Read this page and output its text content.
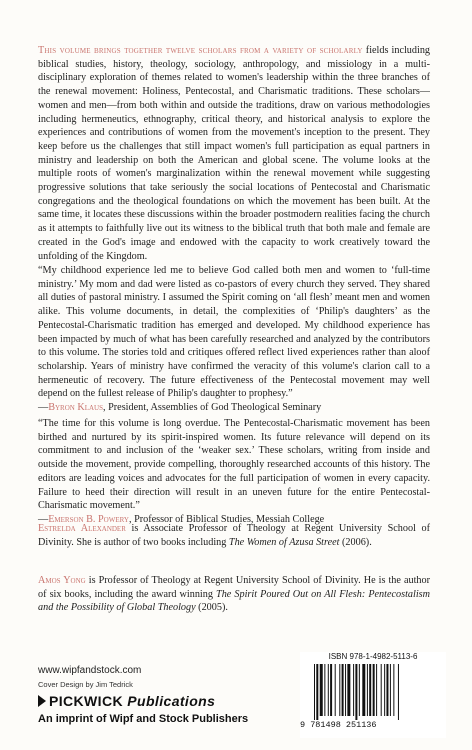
This volume brings together twelve scholars from a variety of scholarly fields including biblical studies, history, theology, sociology, anthropology, and missiology in a multi-disciplinary exploration of themes related to women's leadership within the three branches of the renewal movement: Holiness, Pentecostal, and Charismatic traditions. These scholars—women and men—from both within and outside the traditions, draw on various methodologies including hermeneutics, ethnography, critical theory, and historical analysis to explore the experiences and contributions of women from the movement's inception to the present. They keep before us the challenges that still impact women's full participation as equal partners in ministry and leadership on both the American and global scene. The volume looks at the multiple roots of women's marginalization within the renewal movement while suggesting progressive solutions that take seriously the social locations of Pentecostal and Charismatic congregations and the theological foundations on which the movement has been built. At the same time, it locates these discussions within the broader postmodern realities facing the church as it attempts to faithfully live out its witness to the biblical truth that both male and female are created in the God's image and endowed with the capacity to work creatively toward the unfolding of the Kingdom.

“My childhood experience led me to believe God called both men and women to ‘full-time ministry.’ My mom and dad were listed as co-pastors of every church they served. They shared all duties of pastoral ministry. I assumed the Spirit coming on ‘all flesh’ meant men and women alike. This volume documents, in detail, the complexities of ‘Philip's daughters’ as the Pentecostal-Charismatic tradition has emerged and developed. My childhood experience has been impacted by much of what has been carefully researched and analyzed by the contributors to this volume. The stories told and critiques offered reflect lived experiences rather than aloof scholarship. Years of ministry have confirmed the veracity of this volume's clarion call to a hermeneutic of recovery. The future effectiveness of the Pentecostal movement may well depend on the fullest release of Philip's daughter to prophesy.”

—Byron Klaus, President, Assemblies of God Theological Seminary

“The time for this volume is long overdue. The Pentecostal-Charismatic movement has been birthed and nurtured by its spirit-inspired women. Its future relevance will depend on its commitment to and inclusion of the ‘weaker sex.’ These scholars, writing from inside and outside the movement, provide compelling, thoroughly researched accounts of this history. The editors are leading voices and advocates for the full participation of women in every capacity. Failure to heed their direction will result in an uneven future for the entire Pentecostal-Charismatic movement.”

—Emerson B. Powery, Professor of Biblical Studies, Messiah College

Estrelda Alexander is Associate Professor of Theology at Regent University School of Divinity. She is author of two books including The Women of Azusa Street (2006).

Amos Yong is Professor of Theology at Regent University School of Divinity. He is the author of six books, including the award winning The Spirit Poured Out on All Flesh: Pentecostalism and the Possibility of Global Theology (2005).

www.wipfandstock.com
Cover Design by Jim Tedrick
PICKWICK
Publications
An imprint of Wipf and Stock Publishers
ISBN 978-1-4982-5113-6
9 781498 251136
